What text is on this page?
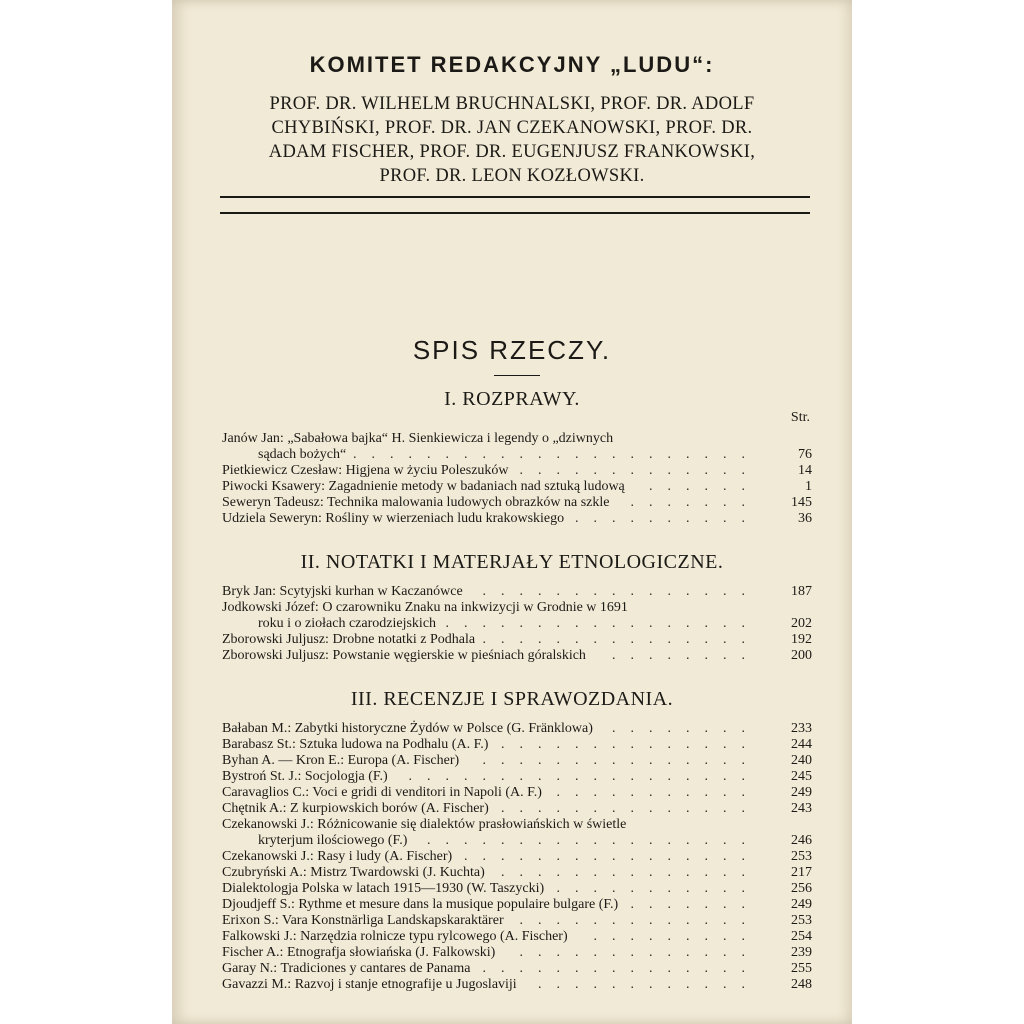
KOMITET REDAKCYJNY „LUDU“:
PROF. DR. WILHELM BRUCHNALSKI, PROF. DR. ADOLF
CHYBIŃSKI, PROF. DR. JAN CZEKANOWSKI, PROF. DR.
ADAM FISCHER, PROF. DR. EUGENJUSZ FRANKOWSKI,
PROF. DR. LEON KOZŁOWSKI.
SPIS RZECZY.
I. ROZPRAWY.
Str.
Janów Jan: „Sabałowa bajka“ H. Sienkiewicza i legendy o „dziwnych
sądach bożych“	76
......................
Pietkiewicz Czesław: Higjena w życiu Poleszuków	14
.............
Piwocki Ksawery: Zagadnienie metody w badaniach nad sztuką ludową	1
......
Seweryn Tadeusz: Technika malowania ludowych obrazków na szkle	145
.......
Udziela Seweryn: Rośliny w wierzeniach ludu krakowskiego	36
..........
II. NOTATKI I MATERJAŁY ETNOLOGICZNE.
Bryk Jan: Scytyjski kurhan w Kaczanówce	187
...............
Jodkowski Józef: O czarowniku Znaku na inkwizycji w Grodnie w 1691
roku i o ziołach czarodziejskich	202
.................
Zborowski Juljusz: Drobne notatki z Podhala	192
...............
Zborowski Juljusz: Powstanie węgierskie w pieśniach góralskich	200
........
III. RECENZJE I SPRAWOZDANIA.
Bałaban M.: Zabytki historyczne Żydów w Polsce (G. Fränklowa)	233
........
Barabasz St.: Sztuka ludowa na Podhalu (A. F.)	244
..............
Byhan A. — Kron E.: Europa (A. Fischer)	240
...............
Bystroń St. J.: Socjologja (F.)	245
...................
Caravaglios C.: Voci e gridi di venditori in Napoli (A. F.)	249
...........
Chętnik A.: Z kurpiowskich borów (A. Fischer)	243
..............
Czekanowski J.: Różnicowanie się dialektów prasłowiańskich w świetle
kryterjum ilościowego (F.)	246
..................
Czekanowski J.: Rasy i ludy (A. Fischer)	253
................
Czubryński A.: Mistrz Twardowski (J. Kuchta)	217
..............
Dialektologja Polska w latach 1915—1930 (W. Taszycki)	256
...........
Djoudjeff S.: Rythme et mesure dans la musique populaire bulgare (F.)	249
.......
Erixon S.: Vara Konstnärliga Landskapskaraktärer	253
.............
Falkowski J.: Narzędzia rolnicze typu rylcowego (A. Fischer)	254
.........
Fischer A.: Etnografja słowiańska (J. Falkowski)	239
.............
Garay N.: Tradiciones y cantares de Panama	255
...............
Gavazzi M.: Razvoj i stanje etnografije u Jugoslaviji	248
............
